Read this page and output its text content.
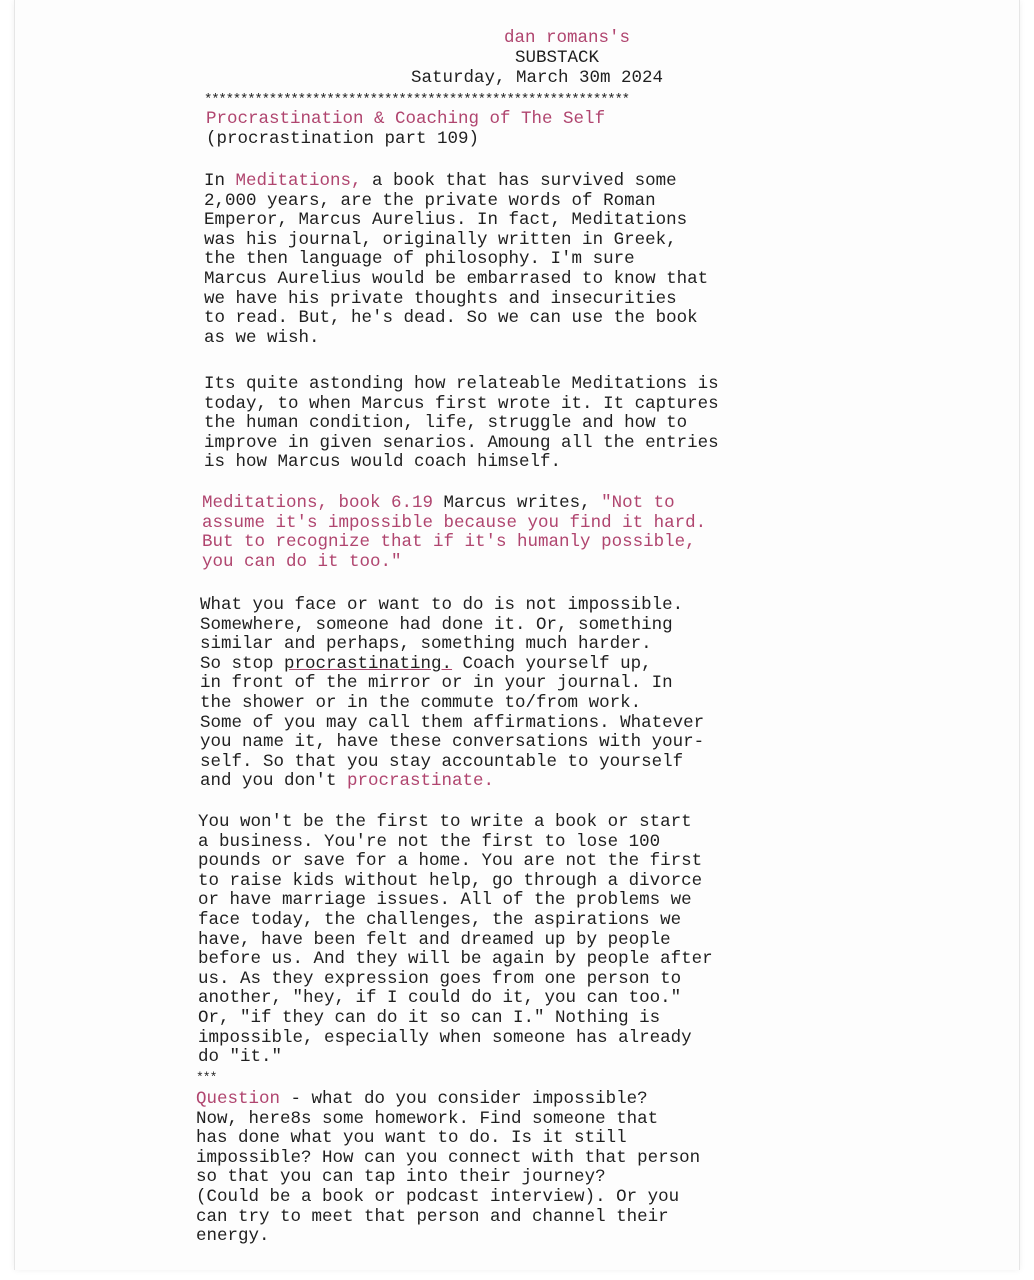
dan romans's
SUBSTACK
Saturday, March 30m 2024
***********************************************************
Procrastination & Coaching of The Self
(procrastination part 109)
In Meditations, a book that has survived some
2,000 years, are the private words of Roman
Emperor, Marcus Aurelius. In fact, Meditations
was his journal, originally written in Greek,
the then language of philosophy. I'm sure
Marcus Aurelius would be embarrased to know that
we have his private thoughts and insecurities
to read. But, he's dead. So we can use the book
as we wish.
Its quite astonding how relateable Meditations is
today, to when Marcus first wrote it. It captures
the human condition, life, struggle and how to
improve in given senarios. Amoung all the entries
is how Marcus would coach himself.
Meditations, book 6.19 Marcus writes, "Not to
assume it's impossible because you find it hard.
But to recognize that if it's humanly possible,
you can do it too."
What you face or want to do is not impossible.
Somewhere, someone had done it. Or, something
similar and perhaps, something much harder.
So stop procrastinating. Coach yourself up,
in front of the mirror or in your journal. In
the shower or in the commute to/from work.
Some of you may call them affirmations. Whatever
you name it, have these conversations with your-
self. So that you stay accountable to yourself
and you don't procrastinate.
You won't be the first to write a book or start
a business. You're not the first to lose 100
pounds or save for a home. You are not the first
to raise kids without help, go through a divorce
or have marriage issues. All of the problems we
face today, the challenges, the aspirations we
have, have been felt and dreamed up by people
before us. And they will be again by people after
us. As they expression goes from one person to
another, "hey, if I could do it, you can too."
Or, "if they can do it so can I." Nothing is
impossible, especially when someone has already
do "it."
***
Question - what do you consider impossible?
Now, here8s some homework. Find someone that
has done what you want to do. Is it still
impossible? How can you connect with that person
so that you can tap into their journey?
(Could be a book or podcast interview). Or you
can try to meet that person and channel their
energy.
